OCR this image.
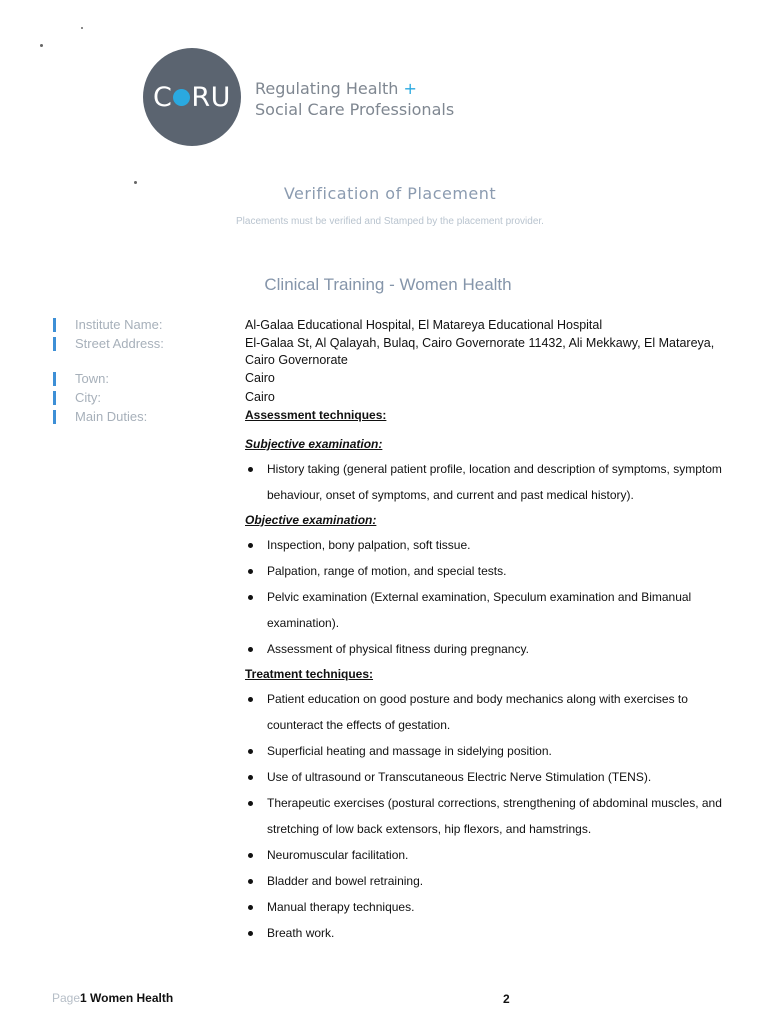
C RU Regulating Health +
Social Care Professionals
Verification of Placement
Placements must be verified and Stamped by the placement provider.
Clinical Training - Women Health
Institute Name:	Al-Galaa Educational Hospital, El Matareya Educational Hospital
Street Address:	El-Galaa St, Al Qalayah, Bulaq, Cairo Governorate 11432, Ali Mekkawy, El Matareya, Cairo Governorate
Town:	Cairo
City:	Cairo
Main Duties:	Assessment techniques:
Subjective examination:
History taking (general patient profile, location and description of symptoms, symptom behaviour, onset of symptoms, and current and past medical history).
Objective examination:
Inspection, bony palpation, soft tissue.
Palpation, range of motion, and special tests.
Pelvic examination (External examination, Speculum examination and Bimanual examination).
Assessment of physical fitness during pregnancy.
Treatment techniques:
Patient education on good posture and body mechanics along with exercises to counteract the effects of gestation.
Superficial heating and massage in sidelying position.
Use of ultrasound or Transcutaneous Electric Nerve Stimulation (TENS).
Therapeutic exercises (postural corrections, strengthening of abdominal muscles, and stretching of low back extensors, hip flexors, and hamstrings.
Neuromuscular facilitation.
Bladder and bowel retraining.
Manual therapy techniques.
Breath work.
Page1 Women Health	2
